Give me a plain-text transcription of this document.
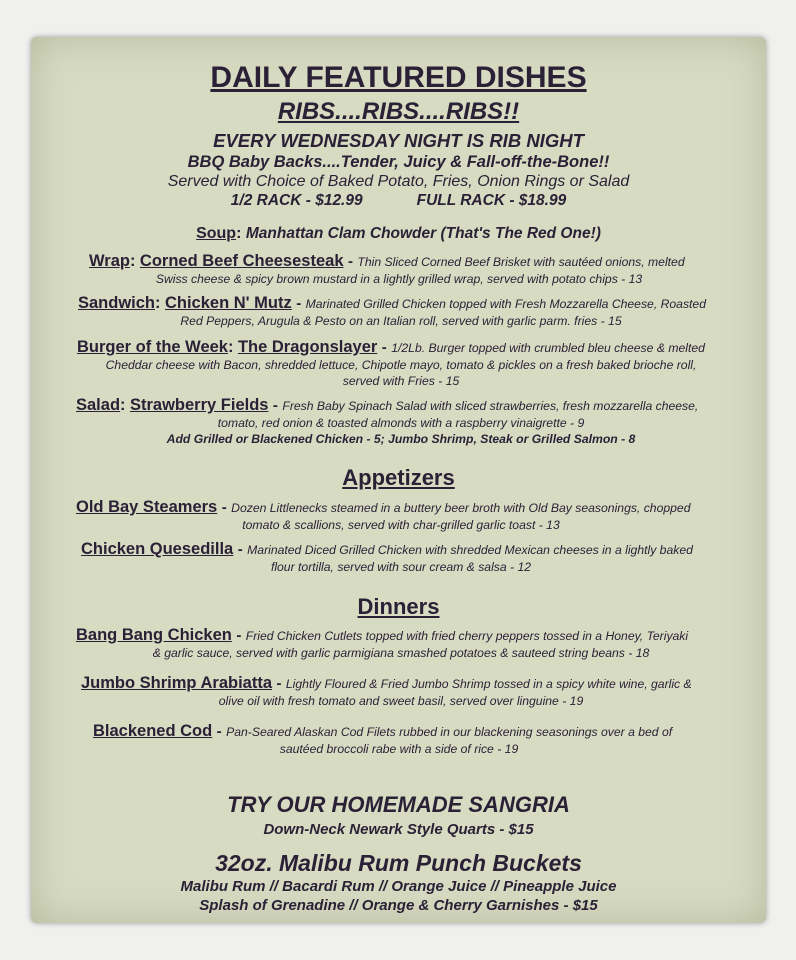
DAILY FEATURED DISHES
RIBS....RIBS....RIBS!!
EVERY WEDNESDAY NIGHT IS RIB NIGHT
BBQ Baby Backs....Tender, Juicy & Fall-off-the-Bone!!
Served with Choice of Baked Potato, Fries, Onion Rings or Salad
1/2 RACK - $12.99	FULL RACK - $18.99
Soup: Manhattan Clam Chowder (That's The Red One!)
Wrap: Corned Beef Cheesesteak - Thin Sliced Corned Beef Brisket with sautéed onions, melted
Swiss cheese & spicy brown mustard in a lightly grilled wrap, served with potato chips - 13
Sandwich: Chicken N' Mutz - Marinated Grilled Chicken topped with Fresh Mozzarella Cheese, Roasted
Red Peppers, Arugula & Pesto on an Italian roll, served with garlic parm. fries - 15
Burger of the Week: The Dragonslayer - 1/2Lb. Burger topped with crumbled bleu cheese & melted
Cheddar cheese with Bacon, shredded lettuce, Chipotle mayo, tomato & pickles on a fresh baked brioche roll,
served with Fries - 15
Salad: Strawberry Fields - Fresh Baby Spinach Salad with sliced strawberries, fresh mozzarella cheese,
tomato, red onion & toasted almonds with a raspberry vinaigrette - 9
Add Grilled or Blackened Chicken - 5; Jumbo Shrimp, Steak or Grilled Salmon - 8
Appetizers
Old Bay Steamers - Dozen Littlenecks steamed in a buttery beer broth with Old Bay seasonings, chopped
tomato & scallions, served with char-grilled garlic toast - 13
Chicken Quesedilla - Marinated Diced Grilled Chicken with shredded Mexican cheeses in a lightly baked
flour tortilla, served with sour cream & salsa - 12
Dinners
Bang Bang Chicken - Fried Chicken Cutlets topped with fried cherry peppers tossed in a Honey, Teriyaki
& garlic sauce, served with garlic parmigiana smashed potatoes & sauteed string beans - 18
Jumbo Shrimp Arabiatta - Lightly Floured & Fried Jumbo Shrimp tossed in a spicy white wine, garlic &
olive oil with fresh tomato and sweet basil, served over linguine - 19
Blackened Cod - Pan-Seared Alaskan Cod Filets rubbed in our blackening seasonings over a bed of
sautéed broccoli rabe with a side of rice - 19
TRY OUR HOMEMADE SANGRIA
Down-Neck Newark Style Quarts - $15
32oz. Malibu Rum Punch Buckets
Malibu Rum // Bacardi Rum // Orange Juice // Pineapple Juice
Splash of Grenadine // Orange & Cherry Garnishes - $15
